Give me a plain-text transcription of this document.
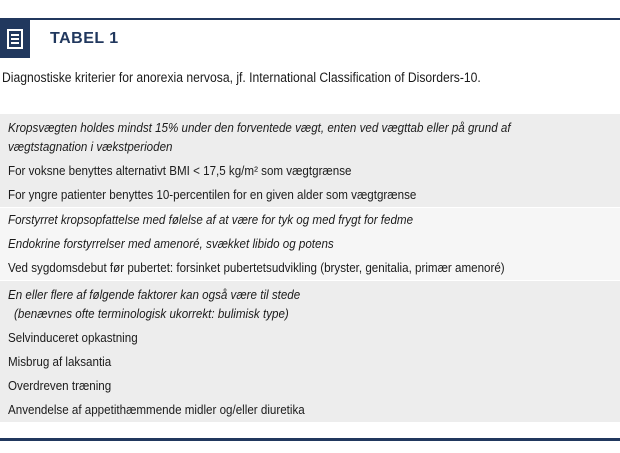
TABEL 1
Diagnostiske kriterier for anorexia nervosa, jf. International Classification of Disorders-10.
Kropsvægten holdes mindst 15% under den forventede vægt, enten ved vægttab eller på grund af
vægtstagnation i vækstperioden
For voksne benyttes alternativt BMI < 17,5 kg/m² som vægtgrænse
For yngre patienter benyttes 10-percentilen for en given alder som vægtgrænse
Forstyrret kropsopfattelse med følelse af at være for tyk og med frygt for fedme
Endokrine forstyrrelser med amenoré, svækket libido og potens
Ved sygdomsdebut før pubertet: forsinket pubertetsudvikling (bryster, genitalia, primær amenoré)
En eller flere af følgende faktorer kan også være til stede
(benævnes ofte terminologisk ukorrekt: bulimisk type)
Selvinduceret opkastning
Misbrug af laksantia
Overdreven træning
Anvendelse af appetithæmmende midler og/eller diuretika
